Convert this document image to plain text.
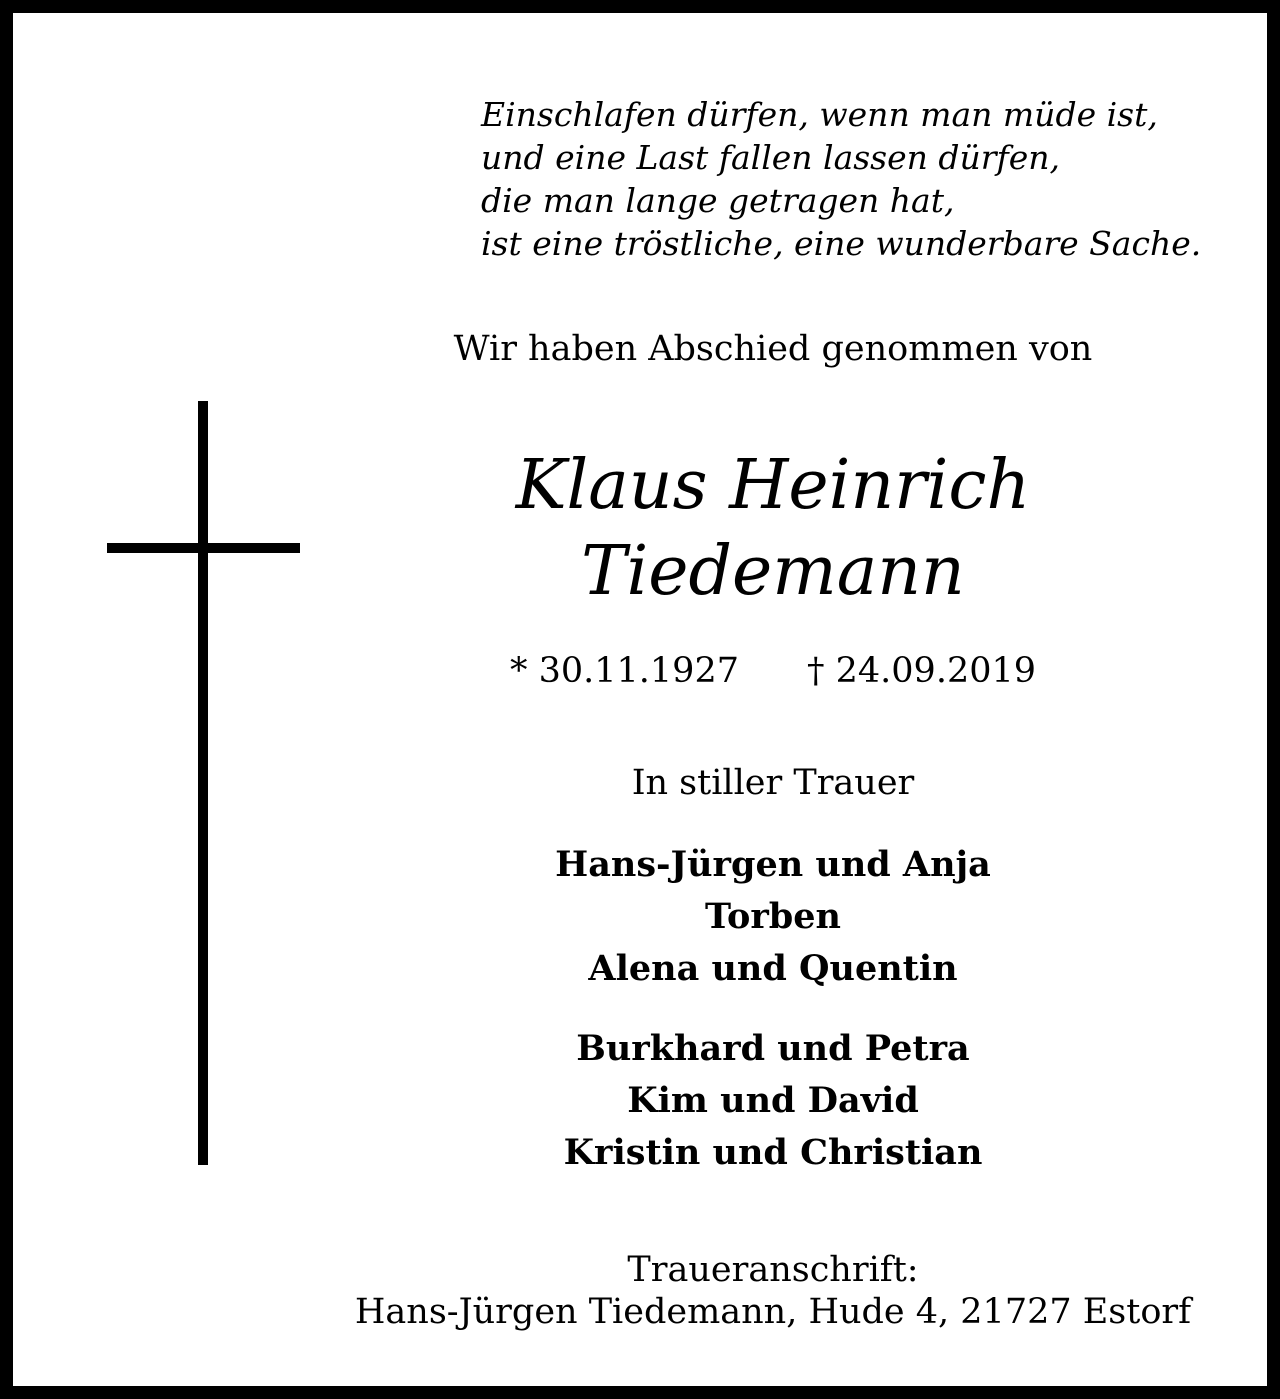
Einschlafen dürfen, wenn man müde ist,
und eine Last fallen lassen dürfen,
die man lange getragen hat,
ist eine tröstliche, eine wunderbare Sache.
Wir haben Abschied genommen von
Klaus Heinrich
Tiedemann
* 30.11.1927 † 24.09.2019
In stiller Trauer
Hans-Jürgen und Anja
Torben
Alena und Quentin
Burkhard und Petra
Kim und David
Kristin und Christian
Traueranschrift:
Hans-Jürgen Tiedemann, Hude 4, 21727 Estorf
